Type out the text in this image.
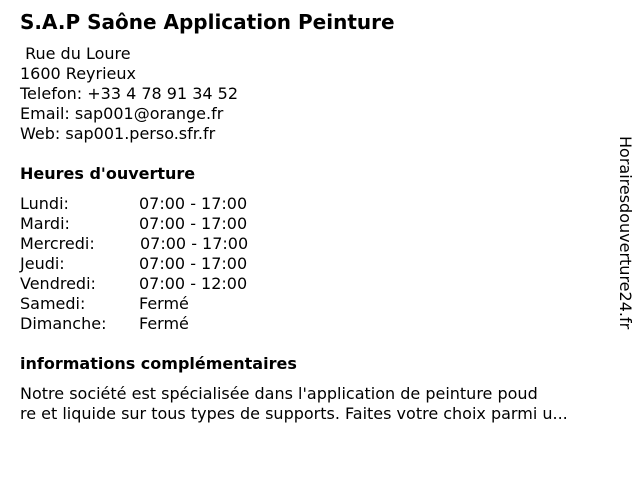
S.A.P Saône Application Peinture
Rue du Loure
1600 Reyrieux
Telefon: +33 4 78 91 34 52
Email: sap001@orange.fr
Web: sap001.perso.sfr.fr
Heures d'ouverture
Lundi:	07:00 - 17:00
Mardi:	07:00 - 17:00
Mercredi:	07:00 - 17:00
Jeudi:	07:00 - 17:00
Vendredi:	07:00 - 12:00
Samedi:	Fermé
Dimanche: Fermé
informations complémentaires
Notre société est spécialisée dans l'application de peinture poud
re et liquide sur tous types de supports. Faites votre choix parmi u...
Horairesdouverture24.fr
